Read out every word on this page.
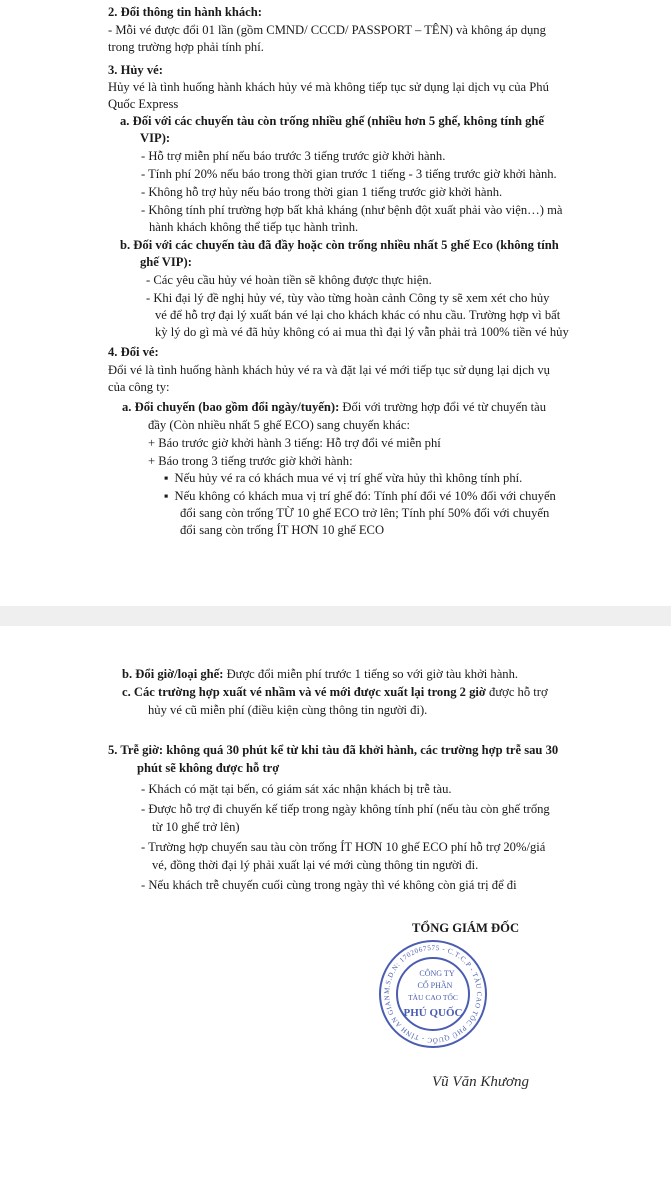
2. Đổi thông tin hành khách:
- Mỗi vé được đổi 01 lần (gồm CMND/ CCCD/ PASSPORT – TÊN) và không áp dụng
trong trường hợp phải tính phí.
3. Hủy vé:
Hủy vé là tình huống hành khách hủy vé mà không tiếp tục sử dụng lại dịch vụ của Phú
Quốc Express
a. Đối với các chuyến tàu còn trống nhiều ghế (nhiều hơn 5 ghế, không tính ghế
VIP):
- Hỗ trợ miễn phí nếu báo trước 3 tiếng trước giờ khởi hành.
- Tính phí 20% nếu báo trong thời gian trước 1 tiếng - 3 tiếng trước giờ khởi hành.
- Không hỗ trợ hủy nếu báo trong thời gian 1 tiếng trước giờ khởi hành.
- Không tính phí trường hợp bất khả kháng (như bệnh đột xuất phải vào viện…) mà
hành khách không thể tiếp tục hành trình.
b. Đối với các chuyến tàu đã đầy hoặc còn trống nhiều nhất 5 ghế Eco (không tính
ghế VIP):
- Các yêu cầu hủy vé hoàn tiền sẽ không được thực hiện.
- Khi đại lý đề nghị hủy vé, tùy vào từng hoàn cảnh Công ty sẽ xem xét cho hủy
vé để hỗ trợ đại lý xuất bán vé lại cho khách khác có nhu cầu. Trường hợp vì bất
kỳ lý do gì mà vé đã hủy không có ai mua thì đại lý vẫn phải trả 100% tiền vé hủy
4. Đổi vé:
Đổi vé là tình huống hành khách hủy vé ra và đặt lại vé mới tiếp tục sử dụng lại dịch vụ
của công ty:
a. Đổi chuyến (bao gồm đổi ngày/tuyến): Đối với trường hợp đổi vé từ chuyến tàu
đầy (Còn nhiều nhất 5 ghế ECO) sang chuyến khác:
+ Báo trước giờ khởi hành 3 tiếng: Hỗ trợ đổi vé miễn phí
+ Báo trong 3 tiếng trước giờ khởi hành:
▪ Nếu hủy vé ra có khách mua vé vị trí ghế vừa hủy thì không tính phí.
▪ Nếu không có khách mua vị trí ghế đó: Tính phí đổi vé 10% đối với chuyến
đổi sang còn trống TỪ 10 ghế ECO trở lên; Tính phí 50% đối với chuyến
đổi sang còn trống ÍT HƠN 10 ghế ECO
b. Đổi giờ/loại ghế: Được đổi miễn phí trước 1 tiếng so với giờ tàu khởi hành.
c. Các trường hợp xuất vé nhầm và vé mới được xuất lại trong 2 giờ được hỗ trợ
hủy vé cũ miễn phí (điều kiện cùng thông tin người đi).
5. Trễ giờ: không quá 30 phút kể từ khi tàu đã khởi hành, các trường hợp trễ sau 30
phút sẽ không được hỗ trợ
- Khách có mặt tại bến, có giám sát xác nhận khách bị trễ tàu.
- Được hỗ trợ đi chuyến kế tiếp trong ngày không tính phí (nếu tàu còn ghế trống
từ 10 ghế trở lên)
- Trường hợp chuyến sau tàu còn trống ÍT HƠN 10 ghế ECO phí hỗ trợ 20%/giá
vé, đồng thời đại lý phải xuất lại vé mới cùng thông tin người đi.
- Nếu khách trễ chuyến cuối cùng trong ngày thì vé không còn giá trị để đi
TỔNG GIÁM ĐỐC
M.S.D.N: 1702067575 - C.T.C.P - TÀU CAO TỐC PHÚ QUỐC - TỈNH AN GIAN
CÔNG TY
CỔ PHẦN
TÀU CAO TỐC
PHÚ QUỐC
Vũ Văn Khương
